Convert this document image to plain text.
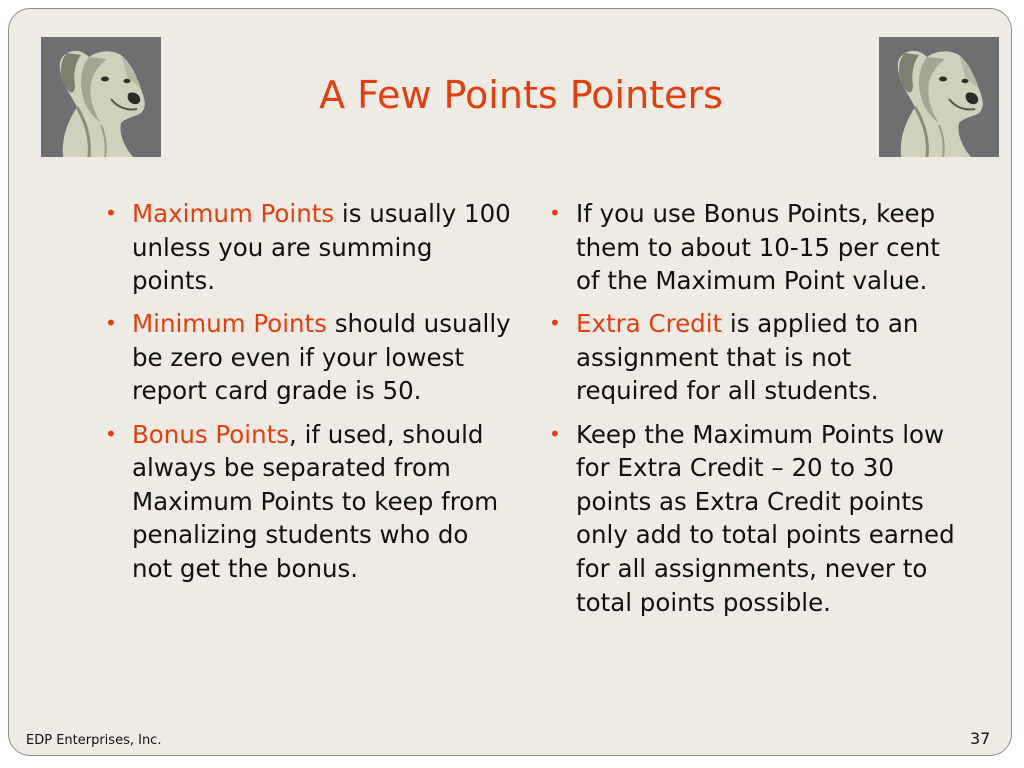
A Few Points Pointers
• Maximum Points is usually 100 unless you are summing points.
• Minimum Points should usually be zero even if your lowest report card grade is 50.
• Bonus Points, if used, should always be separated from Maximum Points to keep from penalizing students who do not get the bonus.
• If you use Bonus Points, keep them to about 10-15 per cent of the Maximum Point value.
• Extra Credit is applied to an assignment that is not required for all students.
• Keep the Maximum Points low for Extra Credit – 20 to 30 points as Extra Credit points only add to total points earned for all assignments, never to total points possible.
EDP Enterprises, Inc.	37
